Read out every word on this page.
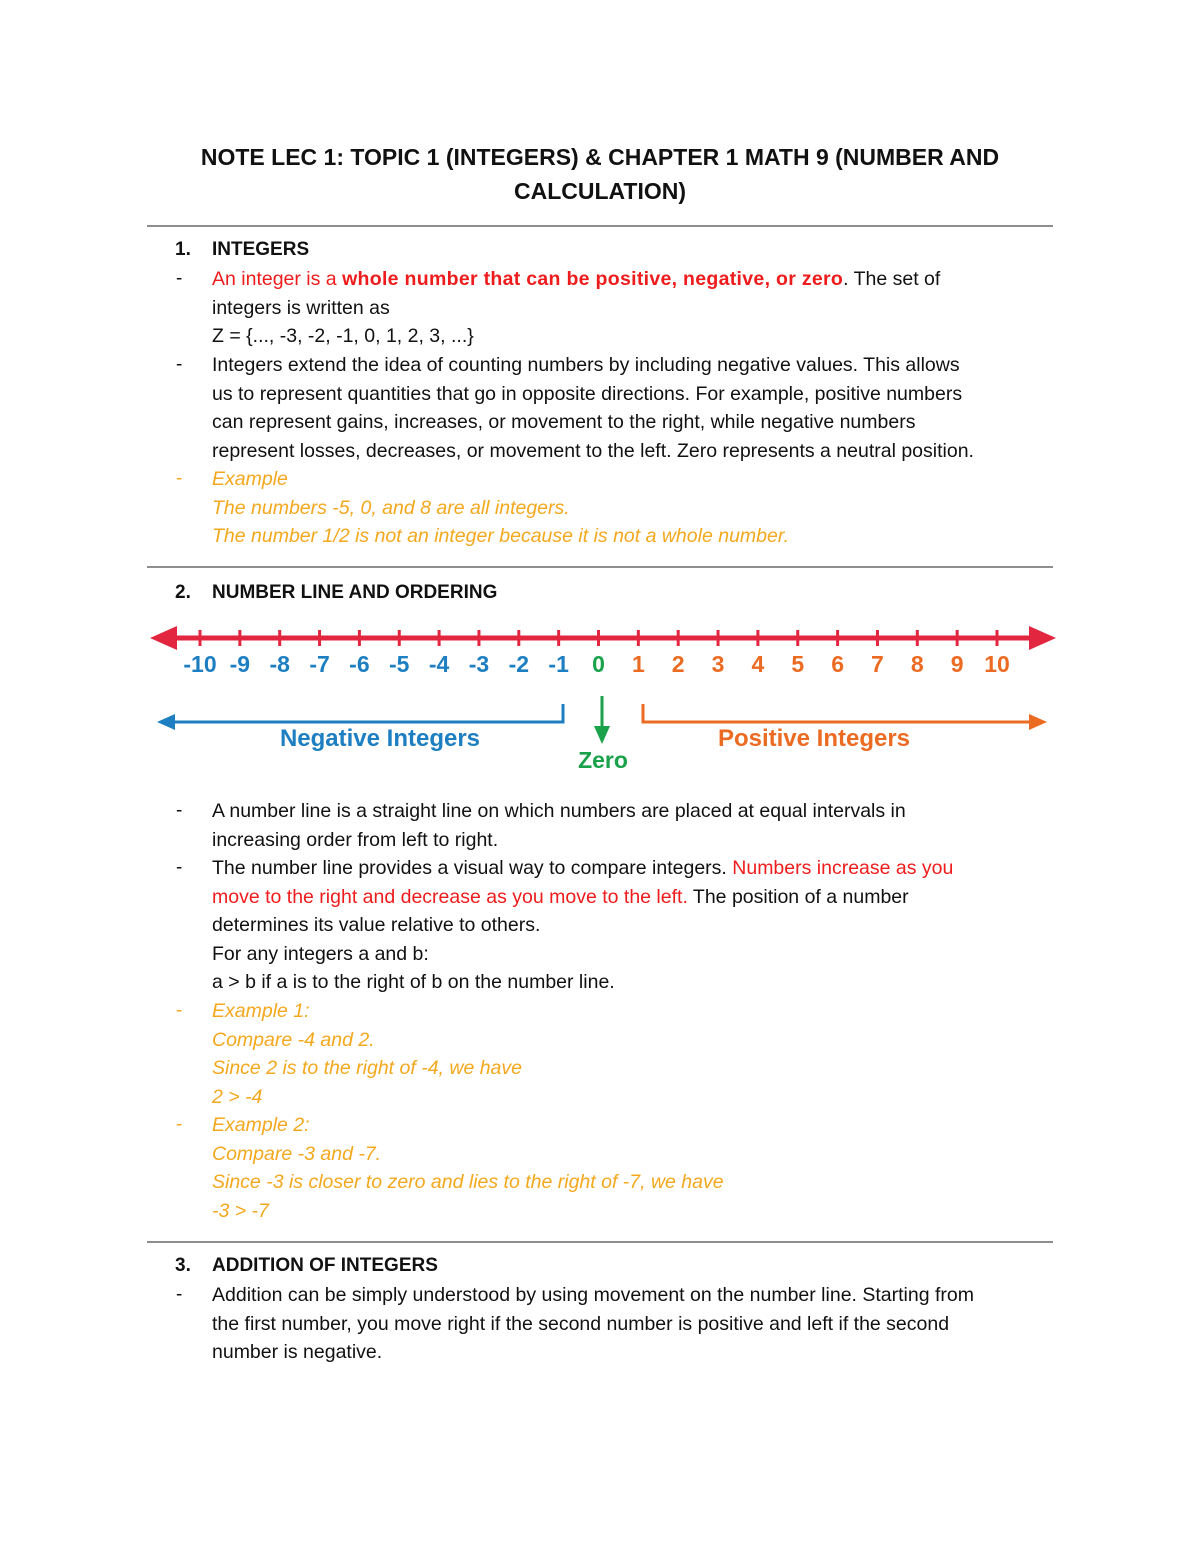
NOTE LEC 1: TOPIC 1 (INTEGERS) & CHAPTER 1 MATH 9 (NUMBER AND
CALCULATION)
1. INTEGERS
- An integer is a whole number that can be positive, negative, or zero. The set of
integers is written as
Z = {..., -3, -2, -1, 0, 1, 2, 3, ...}

- Integers extend the idea of counting numbers by including negative values. This allows
us to represent quantities that go in opposite directions. For example, positive numbers
can represent gains, increases, or movement to the right, while negative numbers
represent losses, decreases, or movement to the left. Zero represents a neutral position.

- Example
The numbers -5, 0, and 8 are all integers.
The number 1/2 is not an integer because it is not a whole number.

2. NUMBER LINE AND ORDERING
-10 -9 -8 -7 -6 -5 -4 -3 -2 -1 0 1 2 3 4 5 6 7 8 9 10
Negative Integers
Zero
Positive Integers
- A number line is a straight line on which numbers are placed at equal intervals in
increasing order from left to right.

- The number line provides a visual way to compare integers. Numbers increase as you
move to the right and decrease as you move to the left. The position of a number
determines its value relative to others.
For any integers a and b:
a > b if a is to the right of b on the number line.

- Example 1:
Compare -4 and 2.
Since 2 is to the right of -4, we have
2 > -4

- Example 2:
Compare -3 and -7.
Since -3 is closer to zero and lies to the right of -7, we have
-3 > -7

3. ADDITION OF INTEGERS
- Addition can be simply understood by using movement on the number line. Starting from
the first number, you move right if the second number is positive and left if the second
number is negative.
